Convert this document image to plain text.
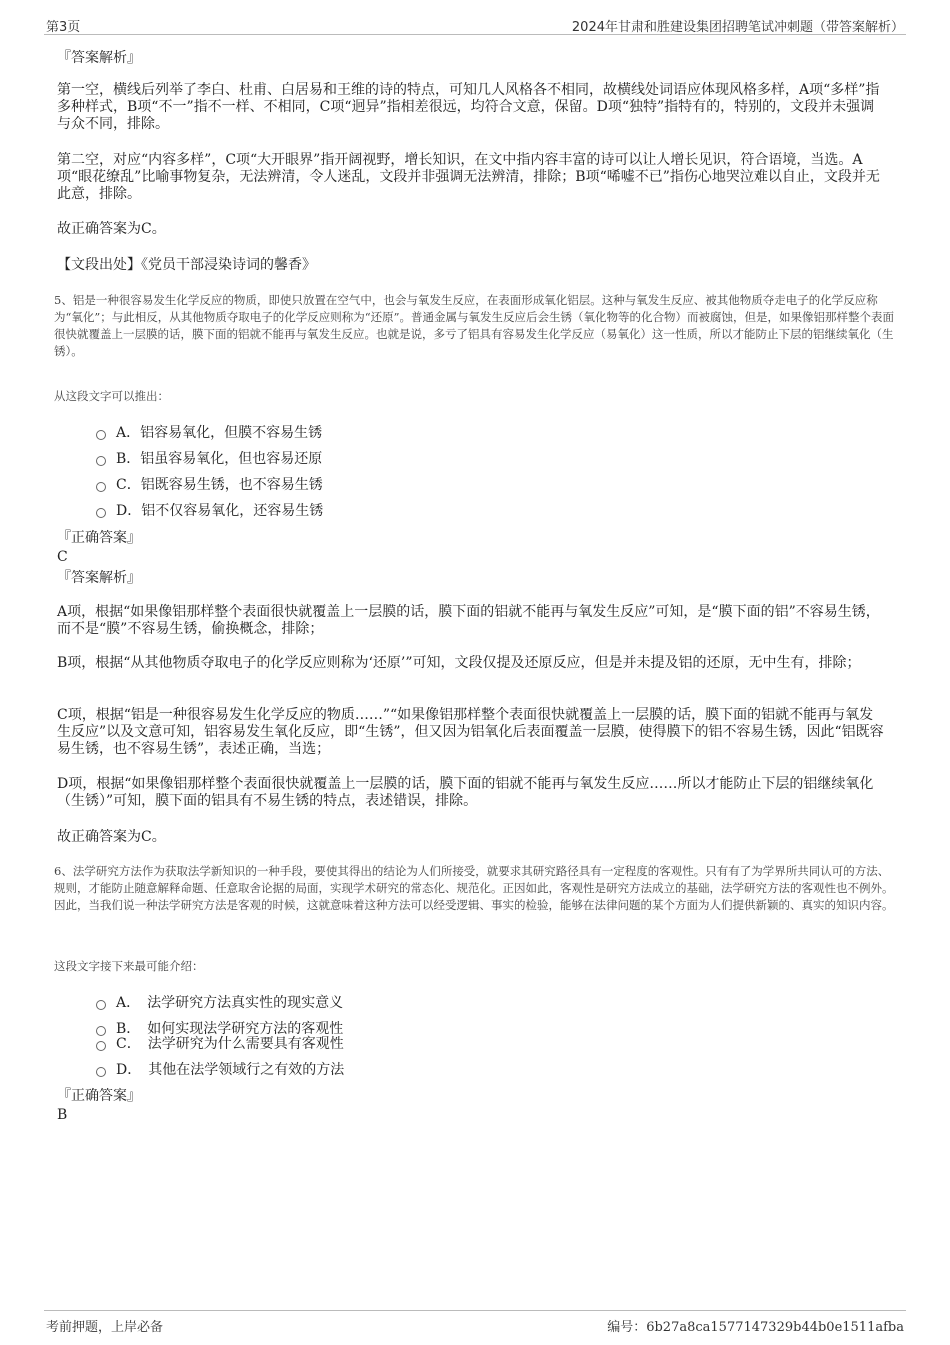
第3页	2024年甘肃和胜建设集团招聘笔试冲刺题（带答案解析）

『答案解析』

第一空，横线后列举了李白、杜甫、白居易和王维的诗的特点，可知几人风格各不相同，故横线处词语应体现风格多样，A项“多样”指多种样式，B项“不一”指不一样、不相同，C项“迥异”指相差很远，均符合文意，保留。D项“独特”指特有的，特别的，文段并未强调与众不同，排除。

第二空，对应“内容多样”，C项“大开眼界”指开阔视野，增长知识，在文中指内容丰富的诗可以让人增长见识，符合语境，当选。A项“眼花缭乱”比喻事物复杂，无法辨清，令人迷乱，文段并非强调无法辨清，排除；B项“唏嘘不已”指伤心地哭泣难以自止，文段并无此意，排除。

故正确答案为C。

【文段出处】《党员干部浸染诗词的馨香》

5、铝是一种很容易发生化学反应的物质，即使只放置在空气中，也会与氧发生反应，在表面形成氧化铝层。这种与氧发生反应、被其他物质夺走电子的化学反应称为“氧化”；与此相反，从其他物质夺取电子的化学反应则称为“还原”。普通金属与氧发生反应后会生锈（氧化物等的化合物）而被腐蚀，但是，如果像铝那样整个表面很快就覆盖上一层膜的话，膜下面的铝就不能再与氧发生反应。也就是说，多亏了铝具有容易发生化学反应（易氧化）这一性质，所以才能防止下层的铝继续氧化（生锈）。

从这段文字可以推出：
A．铝容易氧化，但膜不容易生锈
B．铝虽容易氧化，但也容易还原
C．铝既容易生锈，也不容易生锈
D．铝不仅容易氧化，还容易生锈

『正确答案』

C

『答案解析』

A项，根据“如果像铝那样整个表面很快就覆盖上一层膜的话，膜下面的铝就不能再与氧发生反应”可知，是“膜下面的铝”不容易生锈，而不是“膜”不容易生锈，偷换概念，排除；

B项，根据“从其他物质夺取电子的化学反应则称为‘还原’”可知，文段仅提及还原反应，但是并未提及铝的还原，无中生有，排除；

C项，根据“铝是一种很容易发生化学反应的物质……”“如果像铝那样整个表面很快就覆盖上一层膜的话，膜下面的铝就不能再与氧发生反应”以及文意可知，铝容易发生氧化反应，即“生锈”，但又因为铝氧化后表面覆盖一层膜，使得膜下的铝不容易生锈，因此“铝既容易生锈，也不容易生锈”，表述正确，当选；

D项，根据“如果像铝那样整个表面很快就覆盖上一层膜的话，膜下面的铝就不能再与氧发生反应……所以才能防止下层的铝继续氧化（生锈）”可知，膜下面的铝具有不易生锈的特点，表述错误，排除。

故正确答案为C。

6、法学研究方法作为获取法学新知识的一种手段，要使其得出的结论为人们所接受，就要求其研究路径具有一定程度的客观性。只有有了为学界所共同认可的方法、规则，才能防止随意解释命题、任意取舍论据的局面，实现学术研究的常态化、规范化。正因如此，客观性是研究方法成立的基础，法学研究方法的客观性也不例外。因此，当我们说一种法学研究方法是客观的时候，这就意味着这种方法可以经受逻辑、事实的检验，能够在法律问题的某个方面为人们提供新颖的、真实的知识内容。

这段文字接下来最可能介绍：
A．　法学研究方法真实性的现实意义
B．　如何实现法学研究方法的客观性
C．　法学研究为什么需要具有客观性
D．　其他在法学领域行之有效的方法

『正确答案』

B

考前押题，上岸必备	编号：6b27a8ca1577147329b44b0e1511afba
